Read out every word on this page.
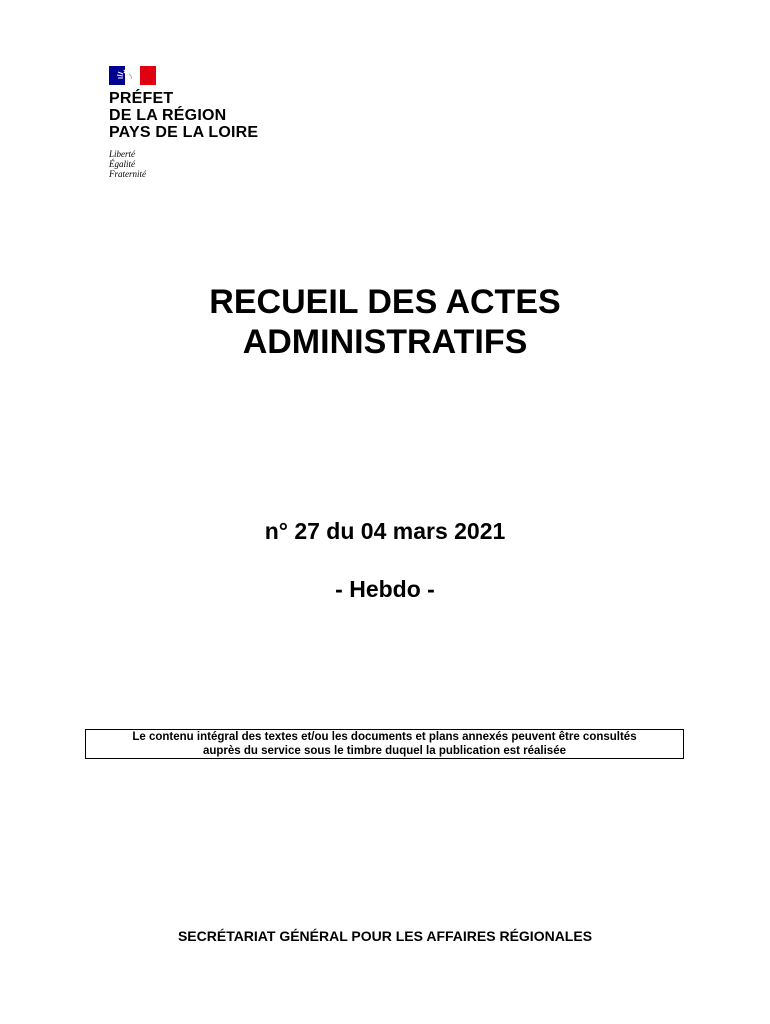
PRÉFET
DE LA RÉGION
PAYS DE LA LOIRE
Liberté
Égalité
Fraternité
RECUEIL DES ACTES
ADMINISTRATIFS
n° 27 du 04 mars 2021
- Hebdo -
Le contenu intégral des textes et/ou les documents et plans annexés peuvent être consultés
auprès du service sous le timbre duquel la publication est réalisée
SECRÉTARIAT GÉNÉRAL POUR LES AFFAIRES RÉGIONALES
